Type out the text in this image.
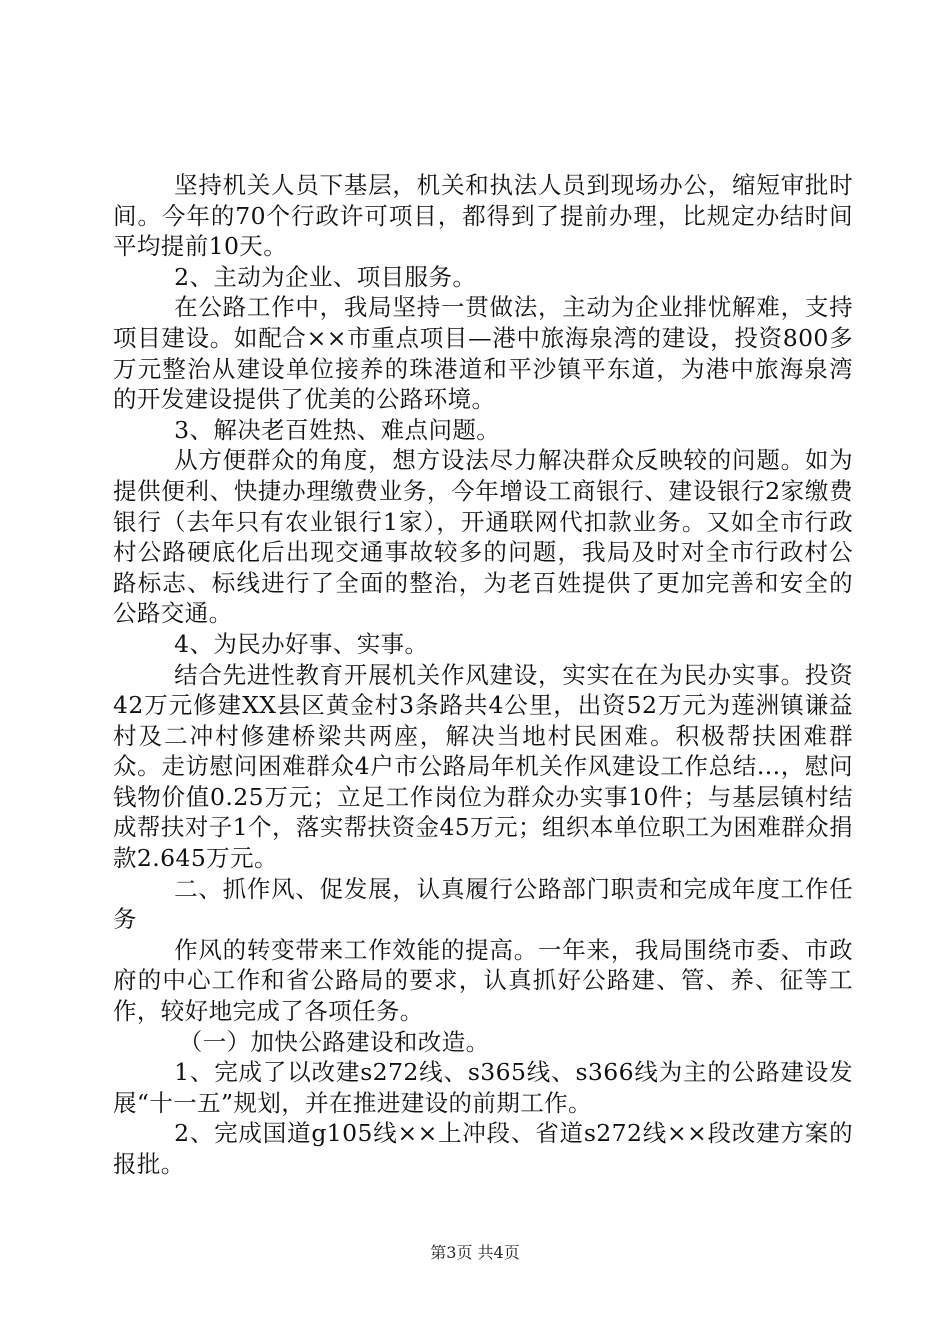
坚持机关人员下基层，机关和执法人员到现场办公，缩短审批时间。今年的70个行政许可项目，都得到了提前办理，比规定办结时间平均提前10天。

2、主动为企业、项目服务。

在公路工作中，我局坚持一贯做法，主动为企业排忧解难，支持项目建设。如配合××市重点项目—港中旅海泉湾的建设，投资800多万元整治从建设单位接养的珠港道和平沙镇平东道，为港中旅海泉湾的开发建设提供了优美的公路环境。

3、解决老百姓热、难点问题。

从方便群众的角度，想方设法尽力解决群众反映较的问题。如为提供便利、快捷办理缴费业务，今年增设工商银行、建设银行2家缴费银行（去年只有农业银行1家），开通联网代扣款业务。又如全市行政村公路硬底化后出现交通事故较多的问题，我局及时对全市行政村公路标志、标线进行了全面的整治，为老百姓提供了更加完善和安全的公路交通。

4、为民办好事、实事。

结合先进性教育开展机关作风建设，实实在在为民办实事。投资42万元修建XX县区黄金村3条路共4公里，出资52万元为莲洲镇谦益村及二冲村修建桥梁共两座，解决当地村民困难。积极帮扶困难群众。走访慰问困难群众4户市公路局年机关作风建设工作总结...，慰问钱物价值0.25万元；立足工作岗位为群众办实事10件；与基层镇村结成帮扶对子1个，落实帮扶资金45万元；组织本单位职工为困难群众捐款2.645万元。

二、抓作风、促发展，认真履行公路部门职责和完成年度工作任务

作风的转变带来工作效能的提高。一年来，我局围绕市委、市政府的中心工作和省公路局的要求，认真抓好公路建、管、养、征等工作，较好地完成了各项任务。

（一）加快公路建设和改造。

1、完成了以改建s272线、s365线、s366线为主的公路建设发展“十一五”规划，并在推进建设的前期工作。

2、完成国道g105线××上冲段、省道s272线××段改建方案的报批。

第3页 共4页
